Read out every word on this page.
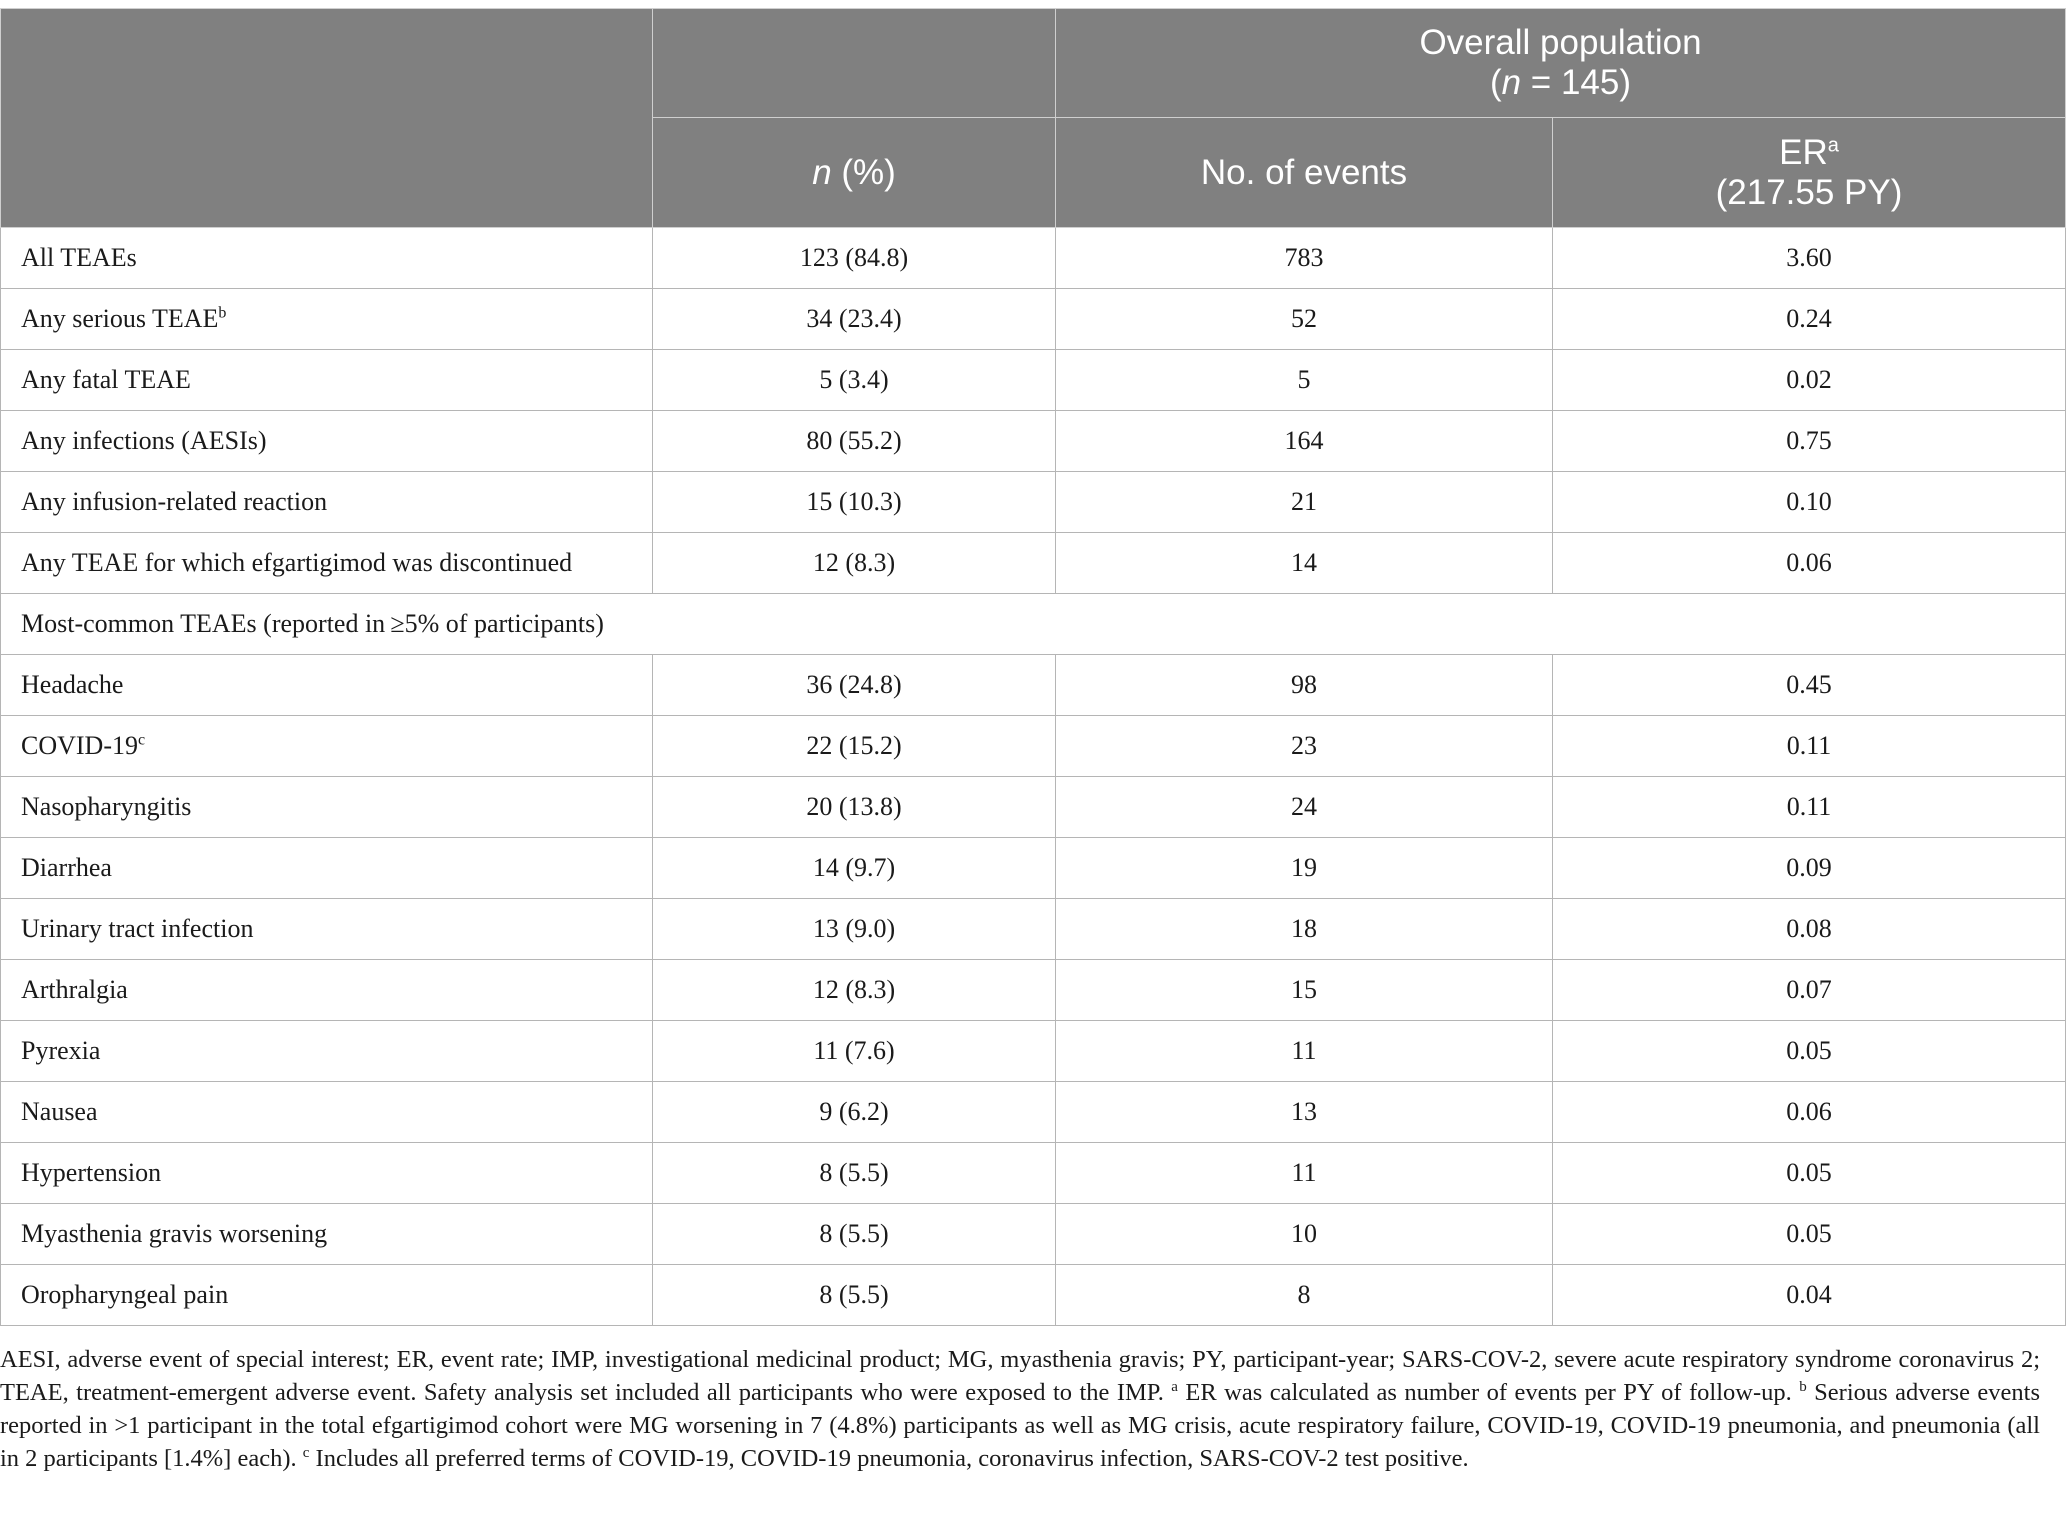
		Overall population
(n = 145)	
	n (%)	No. of events	$ER^a$
(217.55 PY)
All TEAEs	123 (84.8)	783	3.60
Any serious TEAE$^b$	34 (23.4)	52	0.24
Any fatal TEAE	5 (3.4)	5	0.02
Any infections (AESIs)	80 (55.2)	164	0.75
Any infusion-related reaction	15 (10.3)	21	0.10
Any TEAE for which efgartigimod was discontinued	12 (8.3)	14	0.06
Most-common TEAEs (reported in ≥5% of participants)			
Headache	36 (24.8)	98	0.45
COVID-19$^c$	22 (15.2)	23	0.11
Nasopharyngitis	20 (13.8)	24	0.11
Diarrhea	14 (9.7)	19	0.09
Urinary tract infection	13 (9.0)	18	0.08
Arthralgia	12 (8.3)	15	0.07
Pyrexia	11 (7.6)	11	0.05
Nausea	9 (6.2)	13	0.06
Hypertension	8 (5.5)	11	0.05
Myasthenia gravis worsening	8 (5.5)	10	0.05
Oropharyngeal pain	8 (5.5)	8	0.04
AESI, adverse event of special interest; ER, event rate; IMP, investigational medicinal product; MG, myasthenia gravis; PY, participant-year; SARS-COV-2, severe acute respiratory syndrome coronavirus 2; TEAE, treatment-emergent adverse event. Safety analysis set included all participants who were exposed to the IMP. $^a$ ER was calculated as number of events per PY of follow-up. $^b$ Serious adverse events reported in >1 participant in the total efgartigimod cohort were MG worsening in 7 (4.8%) participants as well as MG crisis, acute respiratory failure, COVID-19, COVID-19 pneumonia, and pneumonia (all in 2 participants [1.4%] each). $^c$ Includes all preferred terms of COVID-19, COVID-19 pneumonia, coronavirus infection, SARS-COV-2 test positive.
